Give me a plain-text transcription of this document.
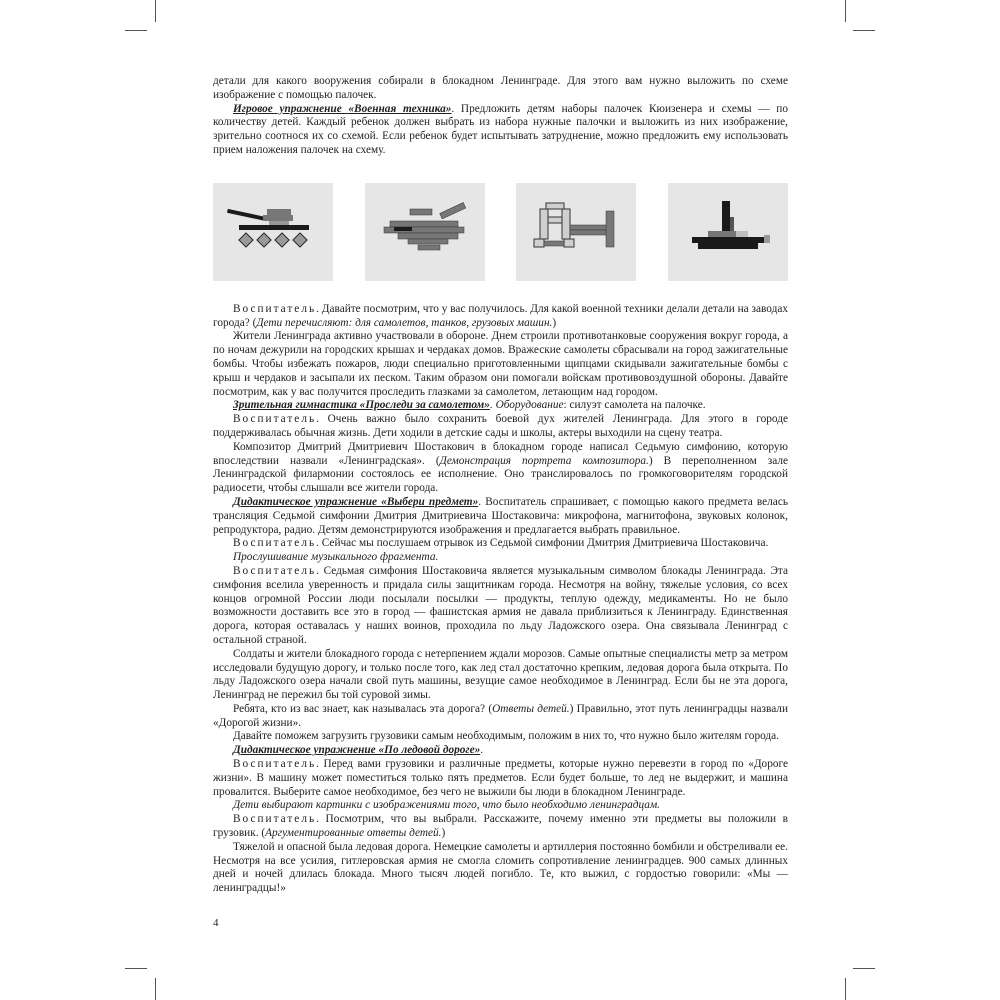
детали для какого вооружения собирали в блокадном Ленинграде. Для этого вам нужно выложить по схеме изображение с помощью палочек.

Игровое упражнение «Военная техника». Предложить детям наборы палочек Кюизенера и схемы — по количеству детей. Каждый ребенок должен выбрать из набора нужные палочки и выложить из них изображение, зрительно соотнося их со схемой. Если ребенок будет испытывать затруднение, можно предложить ему использовать прием наложения палочек на схему.

Воспитатель. Давайте посмотрим, что у вас получилось. Для какой военной техники делали детали на заводах города? (Дети перечисляют: для самолетов, танков, грузовых машин.)

Жители Ленинграда активно участвовали в обороне. Днем строили противотанковые сооружения вокруг города, а по ночам дежурили на городских крышах и чердаках домов. Вражеские самолеты сбрасывали на город зажигательные бомбы. Чтобы избежать пожаров, люди специально приготовленными щипцами скидывали зажигательные бомбы с крыш и чердаков и засыпали их песком. Таким образом они помогали войскам противовоздушной обороны. Давайте посмотрим, как у вас получится проследить глазками за самолетом, летающим над городом.

Зрительная гимнастика «Проследи за самолетом». Оборудование: силуэт самолета на палочке.

Воспитатель. Очень важно было сохранить боевой дух жителей Ленинграда. Для этого в городе поддерживалась обычная жизнь. Дети ходили в детские сады и школы, актеры выходили на сцену театра.

Композитор Дмитрий Дмитриевич Шостакович в блокадном городе написал Седьмую симфонию, которую впоследствии назвали «Ленинградская». (Демонстрация портрета композитора.) В переполненном зале Ленинградской филармонии состоялось ее исполнение. Оно транслировалось по громкоговорителям городской радиосети, чтобы слышали все жители города.

Дидактическое упражнение «Выбери предмет». Воспитатель спрашивает, с помощью какого предмета велась трансляция Седьмой симфонии Дмитрия Дмитриевича Шостаковича: микрофона, магнитофона, звуковых колонок, репродуктора, радио. Детям демонстрируются изображения и предлагается выбрать правильное.

Воспитатель. Сейчас мы послушаем отрывок из Седьмой симфонии Дмитрия Дмитриевича Шостаковича.

Прослушивание музыкального фрагмента.

Воспитатель. Седьмая симфония Шостаковича является музыкальным символом блокады Ленинграда. Эта симфония вселила уверенность и придала силы защитникам города. Несмотря на войну, тяжелые условия, со всех концов огромной России люди посылали посылки — продукты, теплую одежду, медикаменты. Но не было возможности доставить все это в город — фашистская армия не давала приблизиться к Ленинграду. Единственная дорога, которая оставалась у наших воинов, проходила по льду Ладожского озера. Она связывала Ленинград с остальной страной.

Солдаты и жители блокадного города с нетерпением ждали морозов. Самые опытные специалисты метр за метром исследовали будущую дорогу, и только после того, как лед стал достаточно крепким, ледовая дорога была открыта. По льду Ладожского озера начали свой путь машины, везущие самое необходимое в Ленинград. Если бы не эта дорога, Ленинград не пережил бы той суровой зимы.

Ребята, кто из вас знает, как называлась эта дорога? (Ответы детей.) Правильно, этот путь ленинградцы назвали «Дорогой жизни».

Давайте поможем загрузить грузовики самым необходимым, положим в них то, что нужно было жителям города.

Дидактическое упражнение «По ледовой дороге».

Воспитатель. Перед вами грузовики и различные предметы, которые нужно перевезти в город по «Дороге жизни». В машину может поместиться только пять предметов. Если будет больше, то лед не выдержит, и машина провалится. Выберите самое необходимое, без чего не выжили бы люди в блокадном Ленинграде.

Дети выбирают картинки с изображениями того, что было необходимо ленинградцам.

Воспитатель. Посмотрим, что вы выбрали. Расскажите, почему именно эти предметы вы положили в грузовик. (Аргументированные ответы детей.)

Тяжелой и опасной была ледовая дорога. Немецкие самолеты и артиллерия постоянно бомбили и обстреливали ее. Несмотря на все усилия, гитлеровская армия не смогла сломить сопротивление ленинградцев. 900 самых длинных дней и ночей длилась блокада. Много тысяч людей погибло. Те, кто выжил, с гордостью говорили: «Мы — ленинградцы!»

4
